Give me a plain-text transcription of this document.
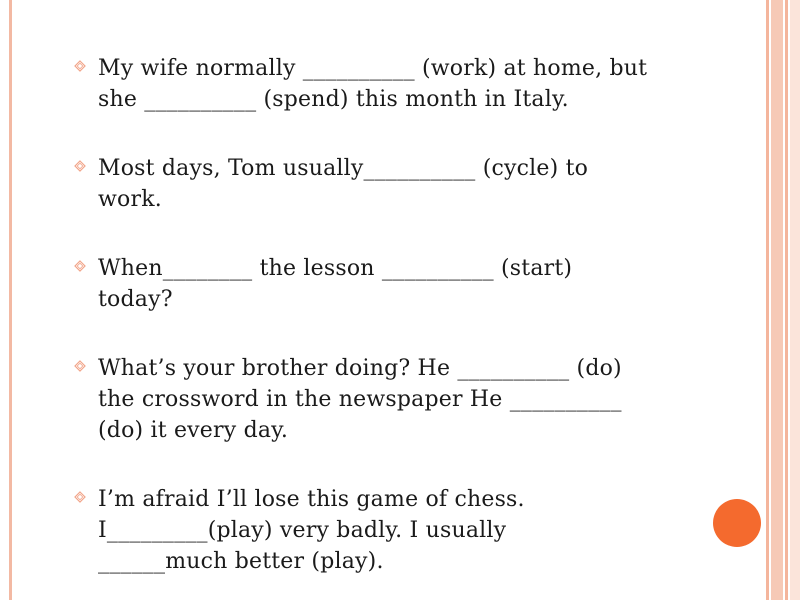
My wife normally __________ (work) at home, but
she __________ (spend) this month in Italy.
Most days, Tom usually__________ (cycle) to
work.
When________ the lesson __________ (start)
today?
What’s your brother doing? He __________ (do)
the crossword in the newspaper He __________
(do) it every day.
I’m afraid I’ll lose this game of chess.
I_________(play) very badly. I usually
______much better (play).
